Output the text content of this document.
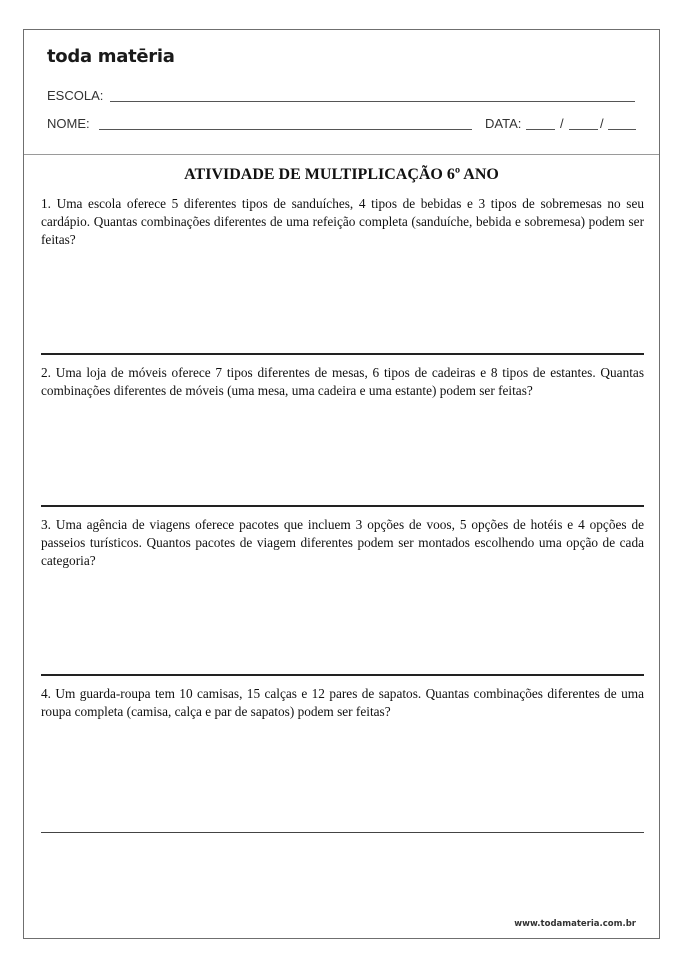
toda matēria
ESCOLA:
NOME:	DATA:	/	/
ATIVIDADE DE MULTIPLICAÇÃO 6º ANO
1. Uma escola oferece 5 diferentes tipos de sanduíches, 4 tipos de bebidas e 3 tipos de sobremesas no seu cardápio. Quantas combinações diferentes de uma refeição completa (sanduíche, bebida e sobremesa) podem ser feitas?
2. Uma loja de móveis oferece 7 tipos diferentes de mesas, 6 tipos de cadeiras e 8 tipos de estantes. Quantas combinações diferentes de móveis (uma mesa, uma cadeira e uma estante) podem ser feitas?
3. Uma agência de viagens oferece pacotes que incluem 3 opções de voos, 5 opções de hotéis e 4 opções de passeios turísticos. Quantos pacotes de viagem diferentes podem ser montados escolhendo uma opção de cada categoria?
4. Um guarda-roupa tem 10 camisas, 15 calças e 12 pares de sapatos. Quantas combinações diferentes de uma roupa completa (camisa, calça e par de sapatos) podem ser feitas?
www.todamateria.com.br
